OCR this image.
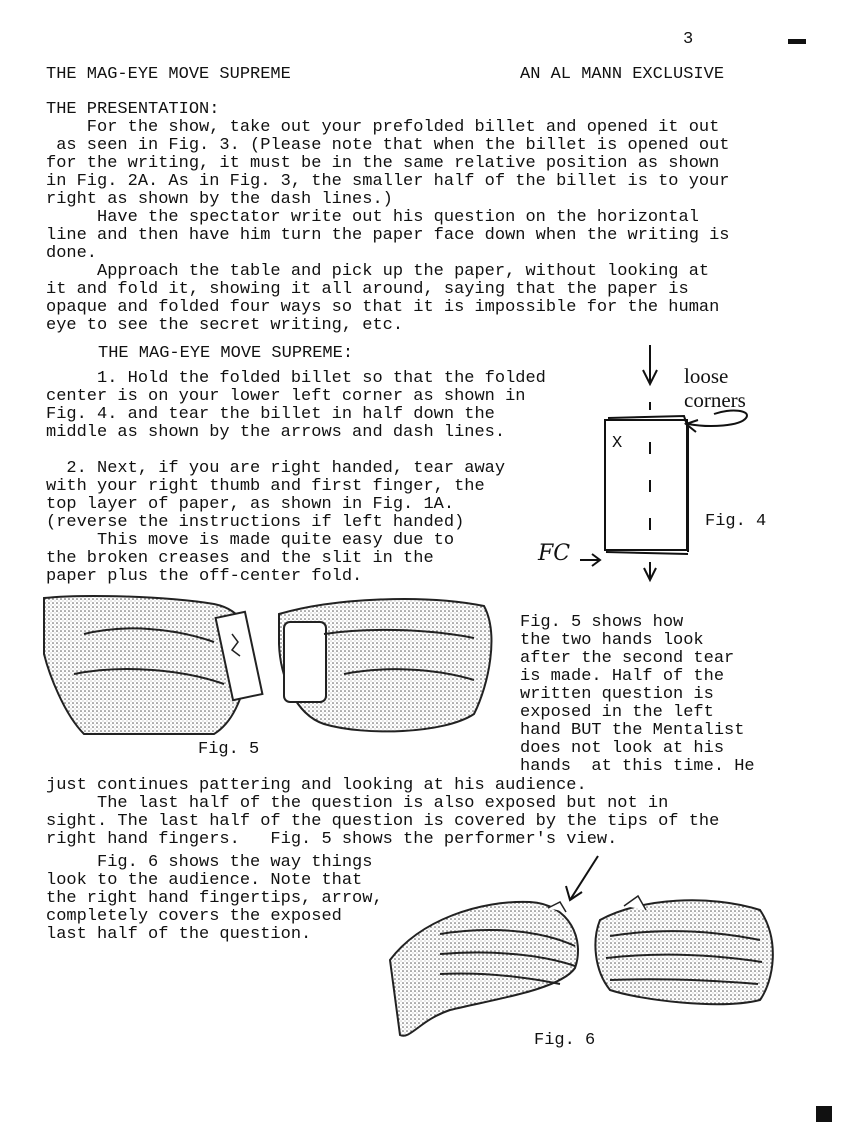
3
THE MAG-EYE MOVE SUPREME	AN AL MANN EXCLUSIVE
THE PRESENTATION:
For the show, take out your prefolded billet and opened it out
as seen in Fig. 3. (Please note that when the billet is opened out
for the writing, it must be in the same relative position as shown
in Fig. 2A. As in Fig. 3, the smaller half of the billet is to your
right as shown by the dash lines.)
Have the spectator write out his question on the horizontal
line and then have him turn the paper face down when the writing is
done.
Approach the table and pick up the paper, without looking at
it and fold it, showing it all around, saying that the paper is
opaque and folded four ways so that it is impossible for the human
eye to see the secret writing, etc.
THE MAG-EYE MOVE SUPREME:
1. Hold the folded billet so that the folded
center is on your lower left corner as shown in
Fig. 4. and tear the billet in half down the
middle as shown by the arrows and dash lines.

2. Next, if you are right handed, tear away
with your right thumb and first finger, the
top layer of paper, as shown in Fig. 1A.
(reverse the instructions if left handed)
This move is made quite easy due to
the broken creases and the slit in the
paper plus the off-center fold.
X
FC
loose
corners
Fig. 4
Fig. 5
Fig. 5 shows how
the two hands look
after the second tear
is made. Half of the
written question is
exposed in the left
hand BUT the Mentalist
does not look at his
hands  at this time. He
just continues pattering and looking at his audience.
The last half of the question is also exposed but not in
sight. The last half of the question is covered by the tips of the
right hand fingers.   Fig. 5 shows the performer's view.
Fig. 6 shows the way things
look to the audience. Note that
the right hand fingertips, arrow,
completely covers the exposed
last half of the question.
Fig. 6
